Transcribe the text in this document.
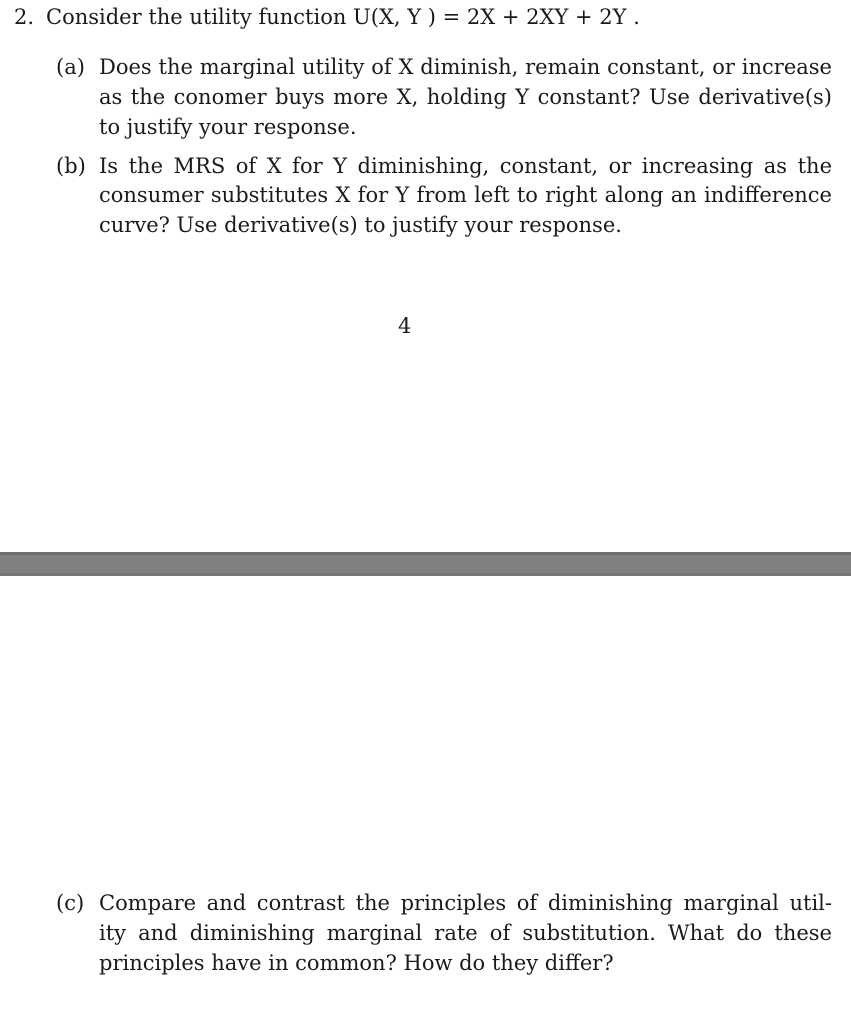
2. Consider the utility function U(X, Y ) = 2X + 2XY + 2Y .
(a) Does the marginal utility of X diminish, remain constant, or increase
as the conomer buys more X, holding Y constant? Use derivative(s)
to justify your response.
(b) Is the MRS of X for Y diminishing, constant, or increasing as the
consumer substitutes X for Y from left to right along an indifference
curve? Use derivative(s) to justify your response.
4
(c) Compare and contrast the principles of diminishing marginal util-
ity and diminishing marginal rate of substitution. What do these
principles have in common? How do they differ?
